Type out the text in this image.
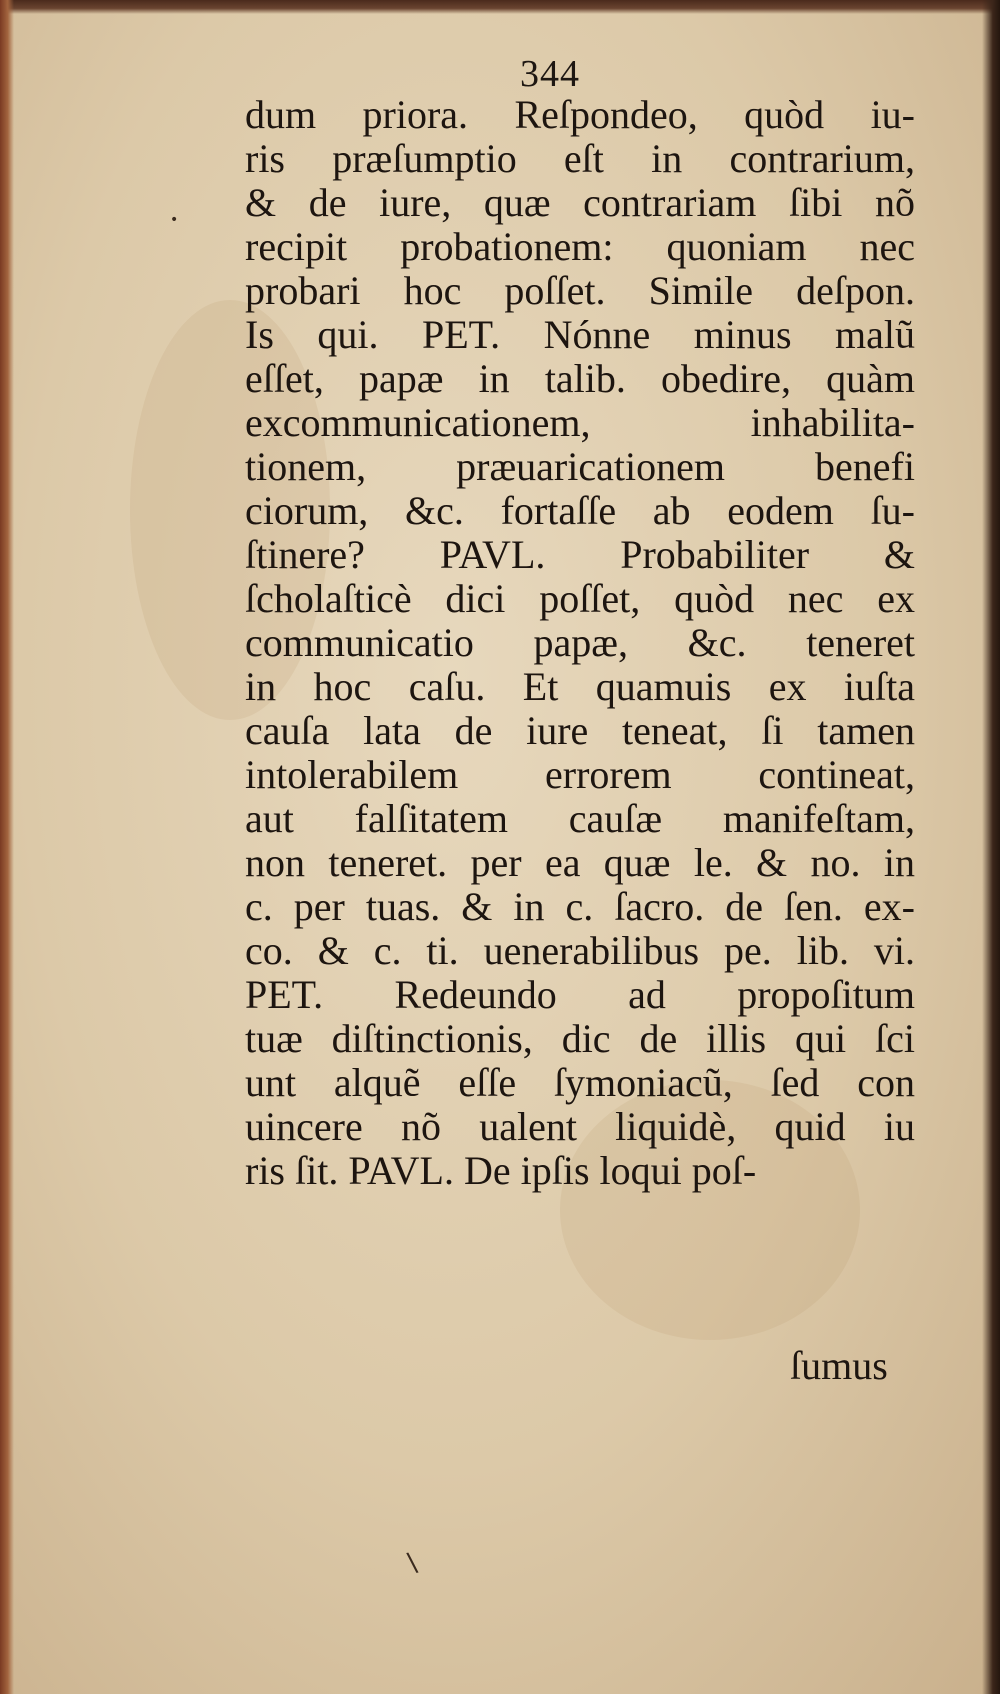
•
\
344
dum priora. Reſpondeo, quòd iu-
ris præſumptio eſt in contrarium,
& de iure, quæ contrariam ſibi nõ
recipit probationem: quoniam nec
probari hoc poſſet. Simile deſpon.
Is qui. PET. Nónne minus malũ
eſſet, papæ in talib. obedire, quàm
excommunicationem, inhabilita-
tionem, præuaricationem benefi
ciorum, &c. fortaſſe ab eodem ſu-
ſtinere? PAVL. Probabiliter &
ſcholaſticè dici poſſet, quòd nec ex
communicatio papæ, &c. teneret
in hoc caſu. Et quamuis ex iuſta
cauſa lata de iure teneat, ſi tamen
intolerabilem errorem contineat,
aut falſitatem cauſæ manifeſtam,
non teneret. per ea quæ le. & no. in
c. per tuas. & in c. ſacro. de ſen. ex-
co. & c. ti. uenerabilibus pe. lib. vi.
PET. Redeundo ad propoſitum
tuæ diſtinctionis, dic de illis qui ſci
unt alquẽ eſſe ſymoniacũ, ſed con
uincere nõ ualent liquidè, quid iu
ris ſit. PAVL. De ipſis loqui poſ-
ſumus
